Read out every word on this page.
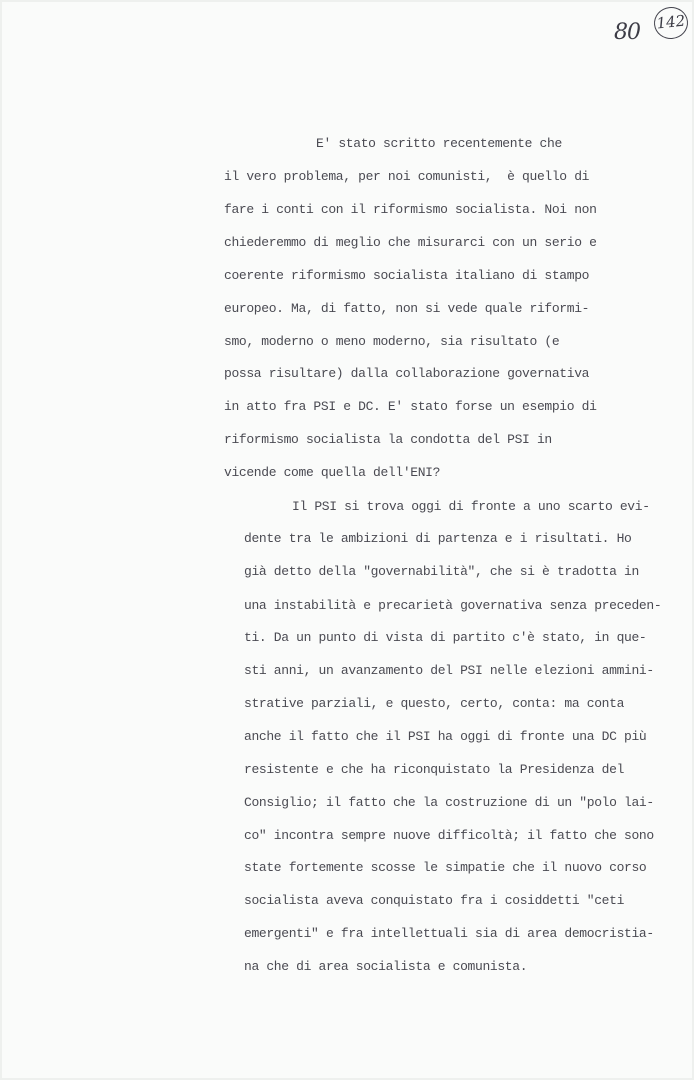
80 142
E' stato scritto recentemente che
il vero problema, per noi comunisti,  è quello di
fare i conti con il riformismo socialista. Noi non
chiederemmo di meglio che misurarci con un serio e
coerente riformismo socialista italiano di stampo
europeo. Ma, di fatto, non si vede quale riformi-
smo, moderno o meno moderno, sia risultato (e
possa risultare) dalla collaborazione governativa
in atto fra PSI e DC. E' stato forse un esempio di
riformismo socialista la condotta del PSI in
vicende come quella dell'ENI?
Il PSI si trova oggi di fronte a uno scarto evi-
dente tra le ambizioni di partenza e i risultati. Ho
già detto della "governabilità", che si è tradotta in
una instabilità e precarietà governativa senza preceden-
ti. Da un punto di vista di partito c'è stato, in que-
sti anni, un avanzamento del PSI nelle elezioni ammini-
strative parziali, e questo, certo, conta: ma conta
anche il fatto che il PSI ha oggi di fronte una DC più
resistente e che ha riconquistato la Presidenza del
Consiglio; il fatto che la costruzione di un "polo lai-
co" incontra sempre nuove difficoltà; il fatto che sono
state fortemente scosse le simpatie che il nuovo corso
socialista aveva conquistato fra i cosiddetti "ceti
emergenti" e fra intellettuali sia di area democristia-
na che di area socialista e comunista.
